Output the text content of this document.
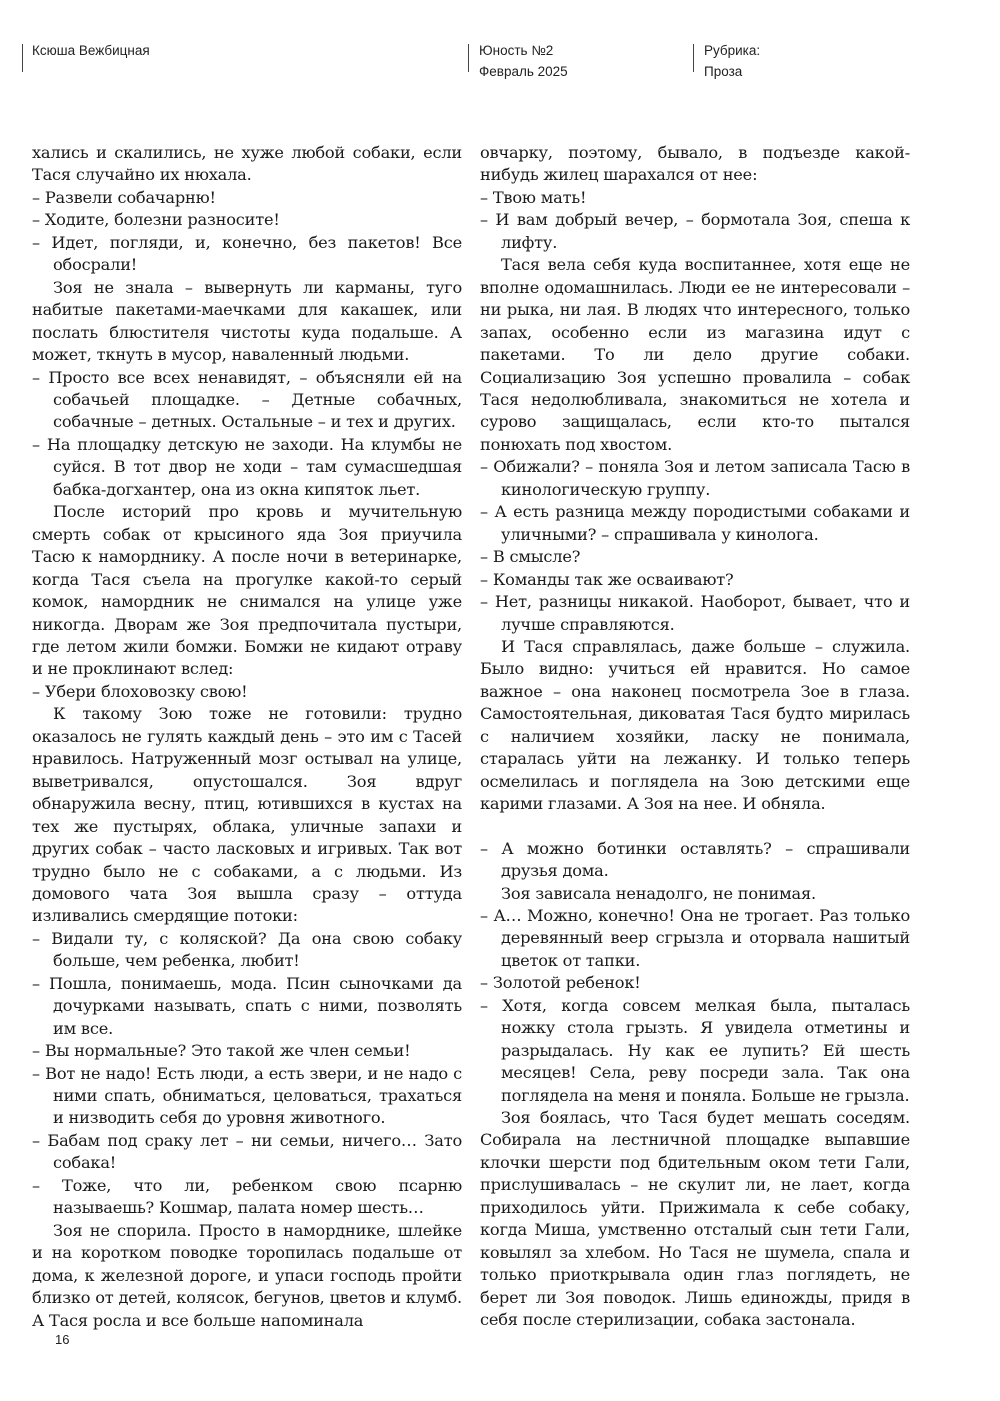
Ксюша Вежбицная	Юность №2
Февраль 2025
Рубрика:
Проза

хались и скалились, не хуже любой собаки, если Тася случайно их нюхала.

– Развели собачарню!

– Ходите, болезни разносите!

– Идет, погляди, и, конечно, без пакетов! Все обосрали!

Зоя не знала – вывернуть ли карманы, туго набитые пакетами-маечками для какашек, или послать блюстителя чистоты куда подальше. А может, ткнуть в мусор, наваленный людьми.

– Просто все всех ненавидят, – объясняли ей на собачьей площадке. – Детные собачных, собачные – детных. Остальные – и тех и других.

– На площадку детскую не заходи. На клумбы не суйся. В тот двор не ходи – там сумасшедшая бабка-догхантер, она из окна кипяток льет.

После историй про кровь и мучительную смерть собак от крысиного яда Зоя приучила Тасю к наморднику. А после ночи в ветеринарке, когда Тася съела на прогулке какой-то серый комок, намордник не снимался на улице уже никогда. Дворам же Зоя предпочитала пустыри, где летом жили бомжи. Бомжи не кидают отраву и не проклинают вслед:

– Убери блоховозку свою!

К такому Зою тоже не готовили: трудно оказалось не гулять каждый день – это им с Тасей нравилось. Натруженный мозг остывал на улице, выветривался, опустошался. Зоя вдруг обнаружила весну, птиц, ютившихся в кустах на тех же пустырях, облака, уличные запахи и других собак – часто ласковых и игривых. Так вот трудно было не с собаками, а с людьми. Из домового чата Зоя вышла сразу – оттуда изливались смердящие потоки:

– Видали ту, с коляской? Да она свою собаку больше, чем ребенка, любит!

– Пошла, понимаешь, мода. Псин сыночками да дочурками называть, спать с ними, позволять им все.

– Вы нормальные? Это такой же член семьи!

– Вот не надо! Есть люди, а есть звери, и не надо с ними спать, обниматься, целоваться, трахаться и низводить себя до уровня животного.

– Бабам под сраку лет – ни семьи, ничего… Зато собака!

– Тоже, что ли, ребенком свою псарню называешь? Кошмар, палата номер шесть…

Зоя не спорила. Просто в наморднике, шлейке и на коротком поводке торопилась подальше от дома, к железной дороге, и упаси господь пройти близко от детей, колясок, бегунов, цветов и клумб. А Тася росла и все больше напоминала

овчарку, поэтому, бывало, в подъезде какой-нибудь жилец шарахался от нее:

– Твою мать!

– И вам добрый вечер, – бормотала Зоя, спеша к лифту.

Тася вела себя куда воспитаннее, хотя еще не вполне одомашнилась. Люди ее не интересовали – ни рыка, ни лая. В людях что интересного, только запах, особенно если из магазина идут с пакетами. То ли дело другие собаки. Социализацию Зоя успешно провалила – собак Тася недолюбливала, знакомиться не хотела и сурово защищалась, если кто-то пытался понюхать под хвостом.

– Обижали? – поняла Зоя и летом записала Тасю в кинологическую группу.

– А есть разница между породистыми собаками и уличными? – спрашивала у кинолога.

– В смысле?

– Команды так же осваивают?

– Нет, разницы никакой. Наоборот, бывает, что и лучше справляются.

И Тася справлялась, даже больше – служила. Было видно: учиться ей нравится. Но самое важное – она наконец посмотрела Зое в глаза. Самостоятельная, диковатая Тася будто мирилась с наличием хозяйки, ласку не понимала, старалась уйти на лежанку. И только теперь осмелилась и поглядела на Зою детскими еще карими глазами. А Зоя на нее. И обняла.

– А можно ботинки оставлять? – спрашивали друзья дома.

Зоя зависала ненадолго, не понимая.

– А… Можно, конечно! Она не трогает. Раз только деревянный веер сгрызла и оторвала нашитый цветок от тапки.

– Золотой ребенок!

– Хотя, когда совсем мелкая была, пыталась ножку стола грызть. Я увидела отметины и разрыдалась. Ну как ее лупить? Ей шесть месяцев! Села, реву посреди зала. Так она поглядела на меня и поняла. Больше не грызла.

Зоя боялась, что Тася будет мешать соседям. Собирала на лестничной площадке выпавшие клочки шерсти под бдительным оком тети Гали, прислушивалась – не скулит ли, не лает, когда приходилось уйти. Прижимала к себе собаку, когда Миша, умственно отсталый сын тети Гали, ковылял за хлебом. Но Тася не шумела, спала и только приоткрывала один глаз поглядеть, не берет ли Зоя поводок. Лишь единожды, придя в себя после стерилизации, собака застонала.

16
